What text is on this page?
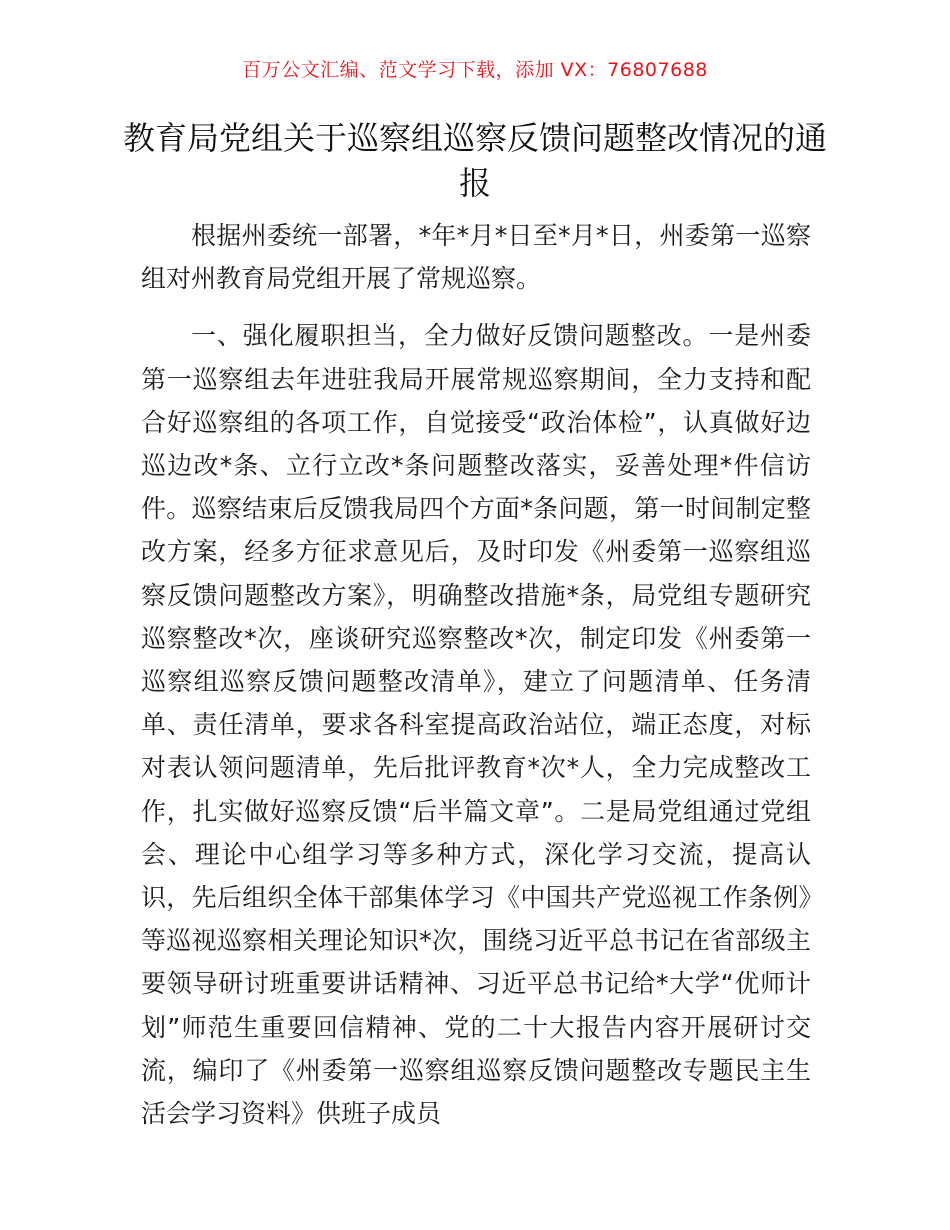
百万公文汇编、范文学习下载，添加 VX：76807688
教育局党组关于巡察组巡察反馈问题整改情况的通报

根据州委统一部署，*年*月*日至*月*日，州委第一巡察组对州教育局党组开展了常规巡察。

一、强化履职担当，全力做好反馈问题整改。一是州委第一巡察组去年进驻我局开展常规巡察期间，全力支持和配合好巡察组的各项工作，自觉接受“政治体检”，认真做好边巡边改*条、立行立改*条问题整改落实，妥善处理*件信访件。巡察结束后反馈我局四个方面*条问题，第一时间制定整改方案，经多方征求意见后，及时印发《州委第一巡察组巡察反馈问题整改方案》，明确整改措施*条，局党组专题研究巡察整改*次，座谈研究巡察整改*次，制定印发《州委第一巡察组巡察反馈问题整改清单》，建立了问题清单、任务清单、责任清单，要求各科室提高政治站位，端正态度，对标对表认领问题清单，先后批评教育*次*人，全力完成整改工作，扎实做好巡察反馈“后半篇文章”。二是局党组通过党组会、理论中心组学习等多种方式，深化学习交流，提高认识，先后组织全体干部集体学习《中国共产党巡视工作条例》等巡视巡察相关理论知识*次，围绕习近平总书记在省部级主要领导研讨班重要讲话精神、习近平总书记给*大学“优师计划”师范生重要回信精神、党的二十大报告内容开展研讨交流，编印了《州委第一巡察组巡察反馈问题整改专题民主生活会学习资料》供班子成员
